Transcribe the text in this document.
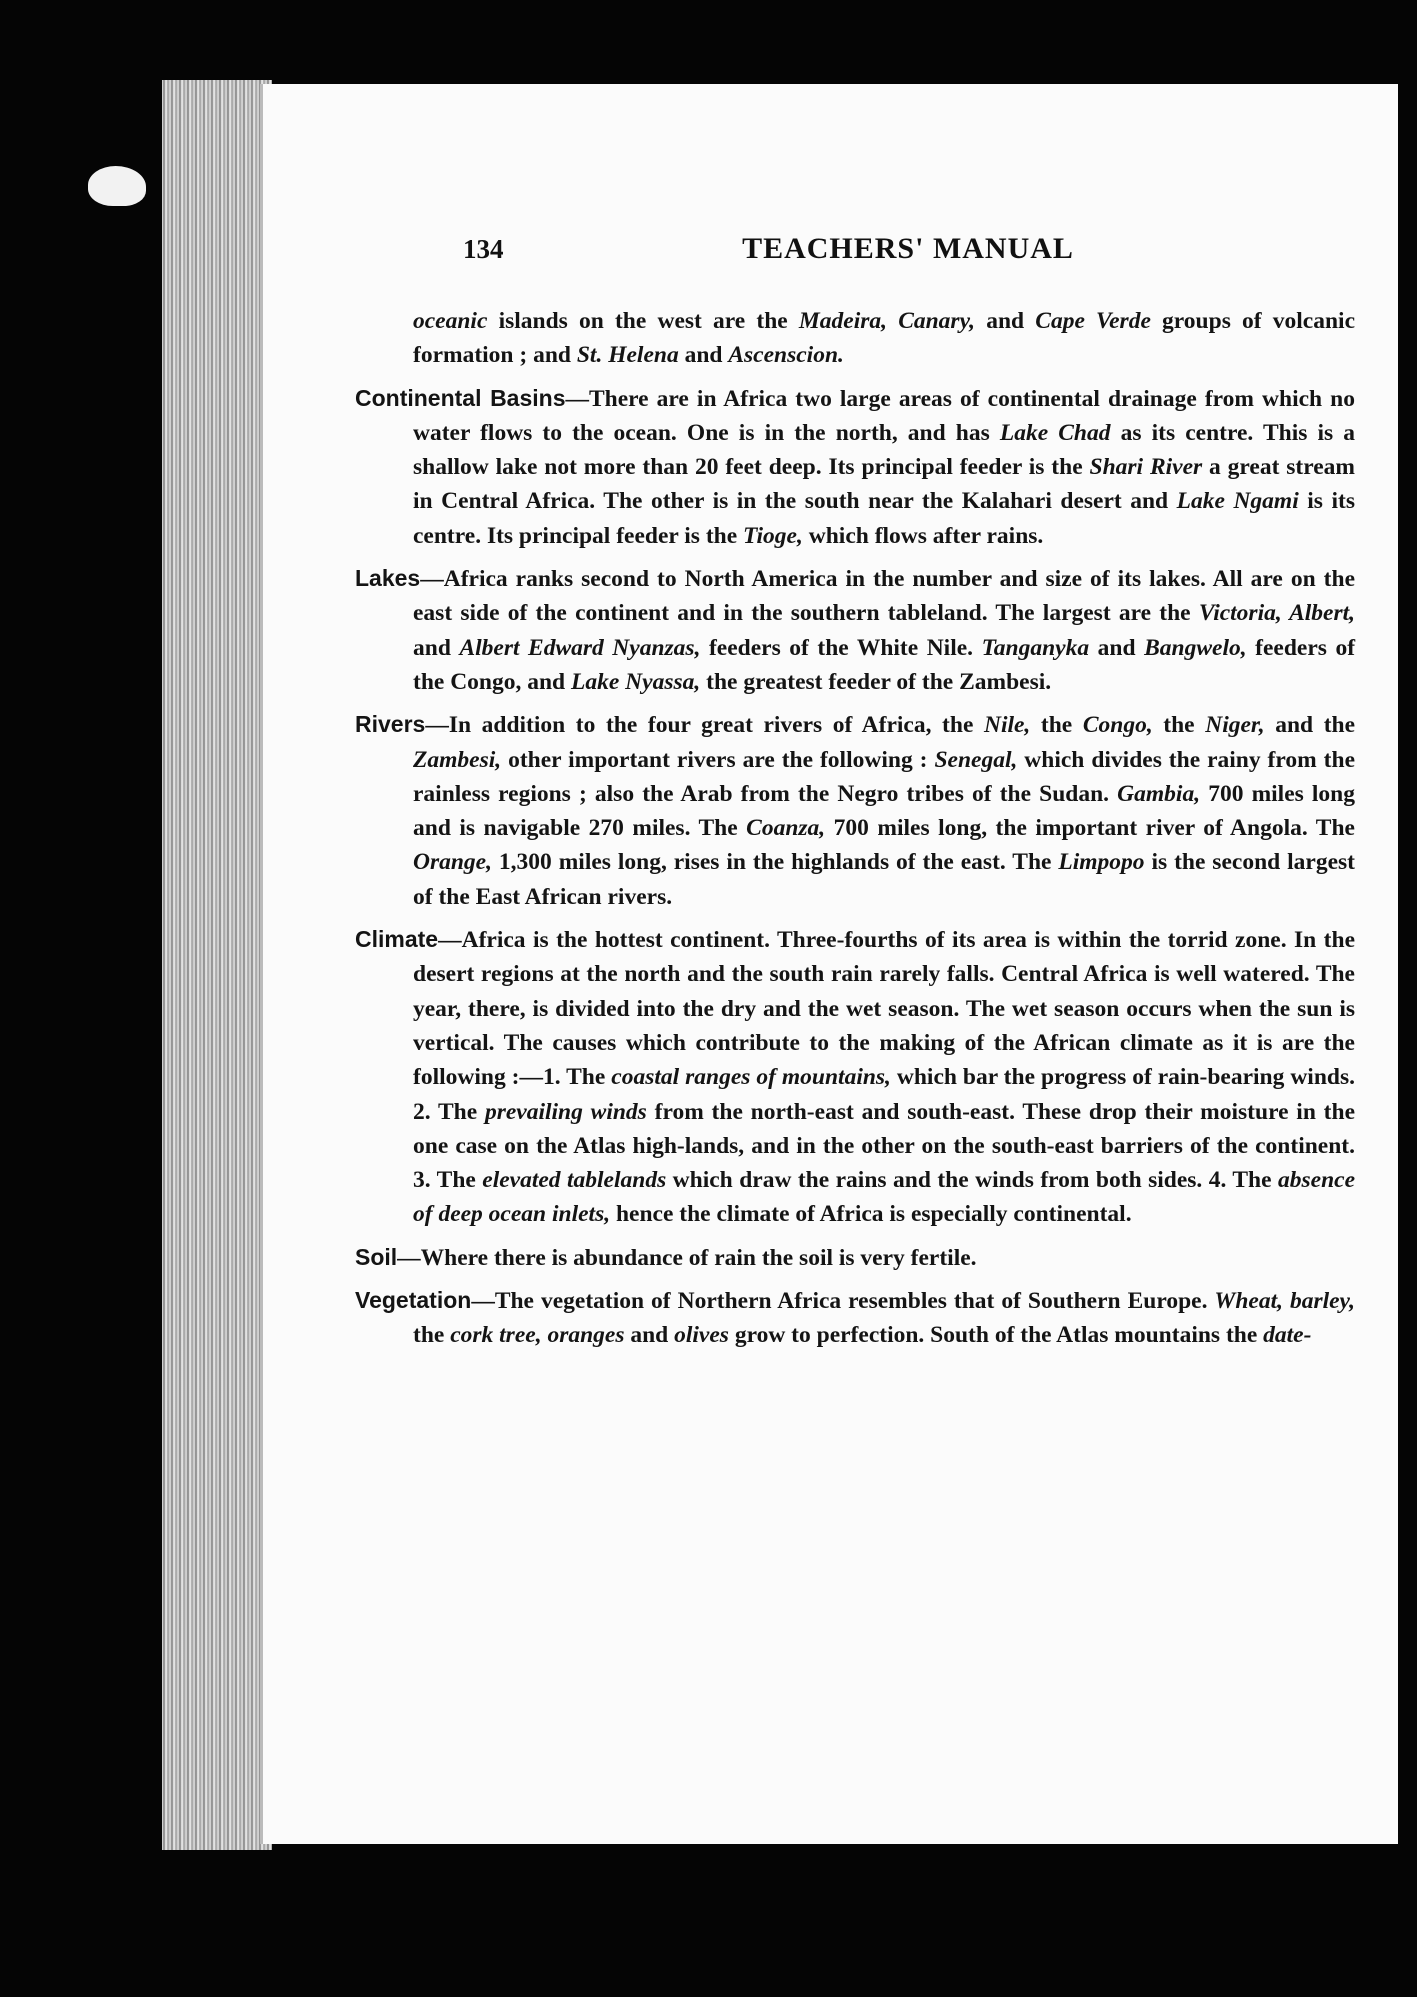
134	TEACHERS' MANUAL

oceanic islands on the west are the Madeira, Canary, and Cape Verde groups of volcanic formation ; and St. Helena and Ascenscion.

Continental Basins—There are in Africa two large areas of continental drainage from which no water flows to the ocean. One is in the north, and has Lake Chad as its centre. This is a shallow lake not more than 20 feet deep. Its principal feeder is the Shari River a great stream in Central Africa. The other is in the south near the Kalahari desert and Lake Ngami is its centre. Its principal feeder is the Tioge, which flows after rains.

Lakes—Africa ranks second to North America in the number and size of its lakes. All are on the east side of the continent and in the southern tableland. The largest are the Victoria, Albert, and Albert Edward Nyanzas, feeders of the White Nile. Tanganyka and Bangwelo, feeders of the Congo, and Lake Nyassa, the greatest feeder of the Zambesi.

Rivers—In addition to the four great rivers of Africa, the Nile, the Congo, the Niger, and the Zambesi, other important rivers are the following : Senegal, which divides the rainy from the rainless regions ; also the Arab from the Negro tribes of the Sudan. Gambia, 700 miles long and is navigable 270 miles. The Coanza, 700 miles long, the important river of Angola. The Orange, 1,300 miles long, rises in the highlands of the east. The Limpopo is the second largest of the East African rivers.

Climate—Africa is the hottest continent. Three-fourths of its area is within the torrid zone. In the desert regions at the north and the south rain rarely falls. Central Africa is well watered. The year, there, is divided into the dry and the wet season. The wet season occurs when the sun is vertical. The causes which contribute to the making of the African climate as it is are the following :—1. The coastal ranges of mountains, which bar the progress of rain-bearing winds. 2. The prevailing winds from the north-east and south-east. These drop their moisture in the one case on the Atlas high-lands, and in the other on the south-east barriers of the continent. 3. The elevated tablelands which draw the rains and the winds from both sides. 4. The absence of deep ocean inlets, hence the climate of Africa is especially continental.

Soil—Where there is abundance of rain the soil is very fertile.

Vegetation—The vegetation of Northern Africa resembles that of Southern Europe. Wheat, barley, the cork tree, oranges and olives grow to perfection. South of the Atlas mountains the date-
